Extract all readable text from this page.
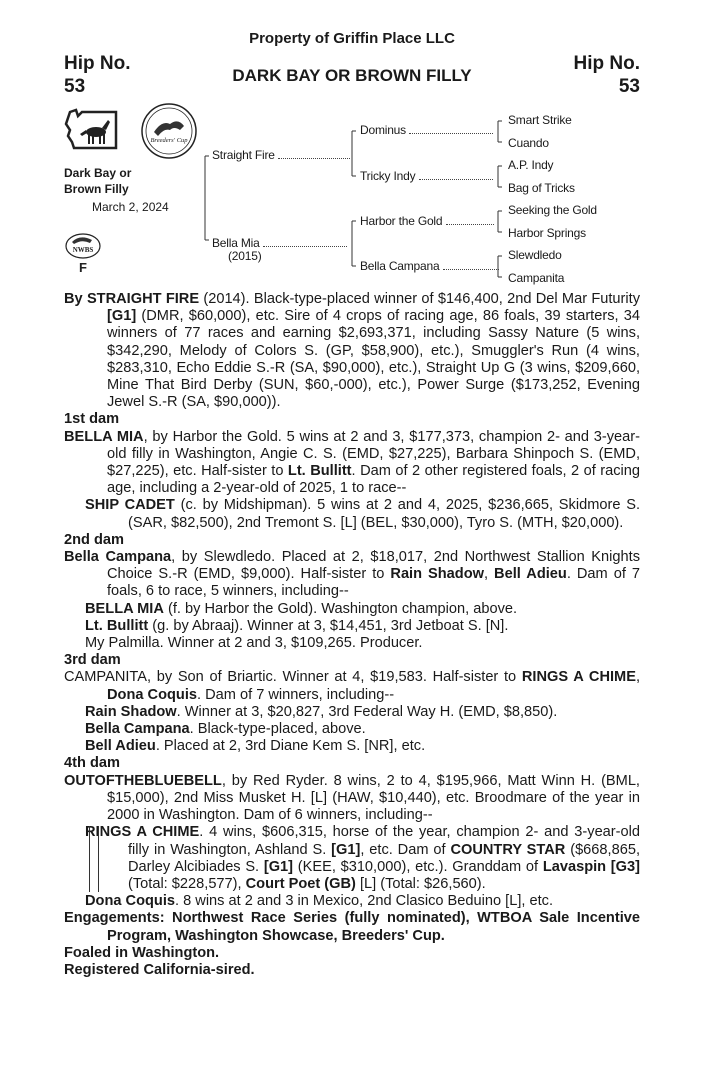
Property of Griffin Place LLC
Hip No.
53
Hip No.
53
DARK BAY OR BROWN FILLY
Breeders' Cup
Dark Bay or
Brown Filly
March 2, 2024
NWBS
F
Straight Fire
Bella Mia
(2015)
Dominus
Tricky Indy
Harbor the Gold
Bella Campana
Smart Strike
Cuando
A.P. Indy
Bag of Tricks
Seeking the Gold
Harbor Springs
Slewdledo
Campanita

By STRAIGHT FIRE (2014). Black-type-placed winner of $146,400, 2nd Del Mar Futurity [G1] (DMR, $60,000), etc. Sire of 4 crops of racing age, 86 foals, 39 starters, 34 winners of 77 races and earning $2,693,371, including Sassy Nature (5 wins, $342,290, Melody of Colors S. (GP, $58,900), etc.), Smuggler's Run (4 wins, $283,310, Echo Eddie S.-R (SA, $90,000), etc.), Straight Up G (3 wins, $209,660, Mine That Bird Derby (SUN, $60,-000), etc.), Power Surge ($173,252, Evening Jewel S.-R (SA, $90,000)).

1st dam

BELLA MIA, by Harbor the Gold. 5 wins at 2 and 3, $177,373, champion 2- and 3-year-old filly in Washington, Angie C. S. (EMD, $27,225), Barbara Shinpoch S. (EMD, $27,225), etc. Half-sister to Lt. Bullitt. Dam of 2 other registered foals, 2 of racing age, including a 2-year-old of 2025, 1 to race--

SHIP CADET (c. by Midshipman). 5 wins at 2 and 4, 2025, $236,665, Skidmore S. (SAR, $82,500), 2nd Tremont S. [L] (BEL, $30,000), Tyro S. (MTH, $20,000).

2nd dam

Bella Campana, by Slewdledo. Placed at 2, $18,017, 2nd Northwest Stallion Knights Choice S.-R (EMD, $9,000). Half-sister to Rain Shadow, Bell Adieu. Dam of 7 foals, 6 to race, 5 winners, including--

BELLA MIA (f. by Harbor the Gold). Washington champion, above.

Lt. Bullitt (g. by Abraaj). Winner at 3, $14,451, 3rd Jetboat S. [N].

My Palmilla. Winner at 2 and 3, $109,265. Producer.

3rd dam

CAMPANITA, by Son of Briartic. Winner at 4, $19,583. Half-sister to RINGS A CHIME, Dona Coquis. Dam of 7 winners, including--

Rain Shadow. Winner at 3, $20,827, 3rd Federal Way H. (EMD, $8,850).

Bella Campana. Black-type-placed, above.

Bell Adieu. Placed at 2, 3rd Diane Kem S. [NR], etc.

4th dam

OUTOFTHEBLUEBELL, by Red Ryder. 8 wins, 2 to 4, $195,966, Matt Winn H. (BML, $15,000), 2nd Miss Musket H. [L] (HAW, $10,440), etc. Broodmare of the year in 2000 in Washington. Dam of 6 winners, including--

RINGS A CHIME. 4 wins, $606,315, horse of the year, champion 2- and 3-year-old filly in Washington, Ashland S. [G1], etc. Dam of COUNTRY STAR ($668,865, Darley Alcibiades S. [G1] (KEE, $310,000), etc.). Granddam of Lavaspin [G3] (Total: $228,577), Court Poet (GB) [L] (Total: $26,560).

Dona Coquis. 8 wins at 2 and 3 in Mexico, 2nd Clasico Beduino [L], etc.

Engagements: Northwest Race Series (fully nominated), WTBOA Sale Incentive Program, Washington Showcase, Breeders' Cup.

Foaled in Washington.

Registered California-sired.
